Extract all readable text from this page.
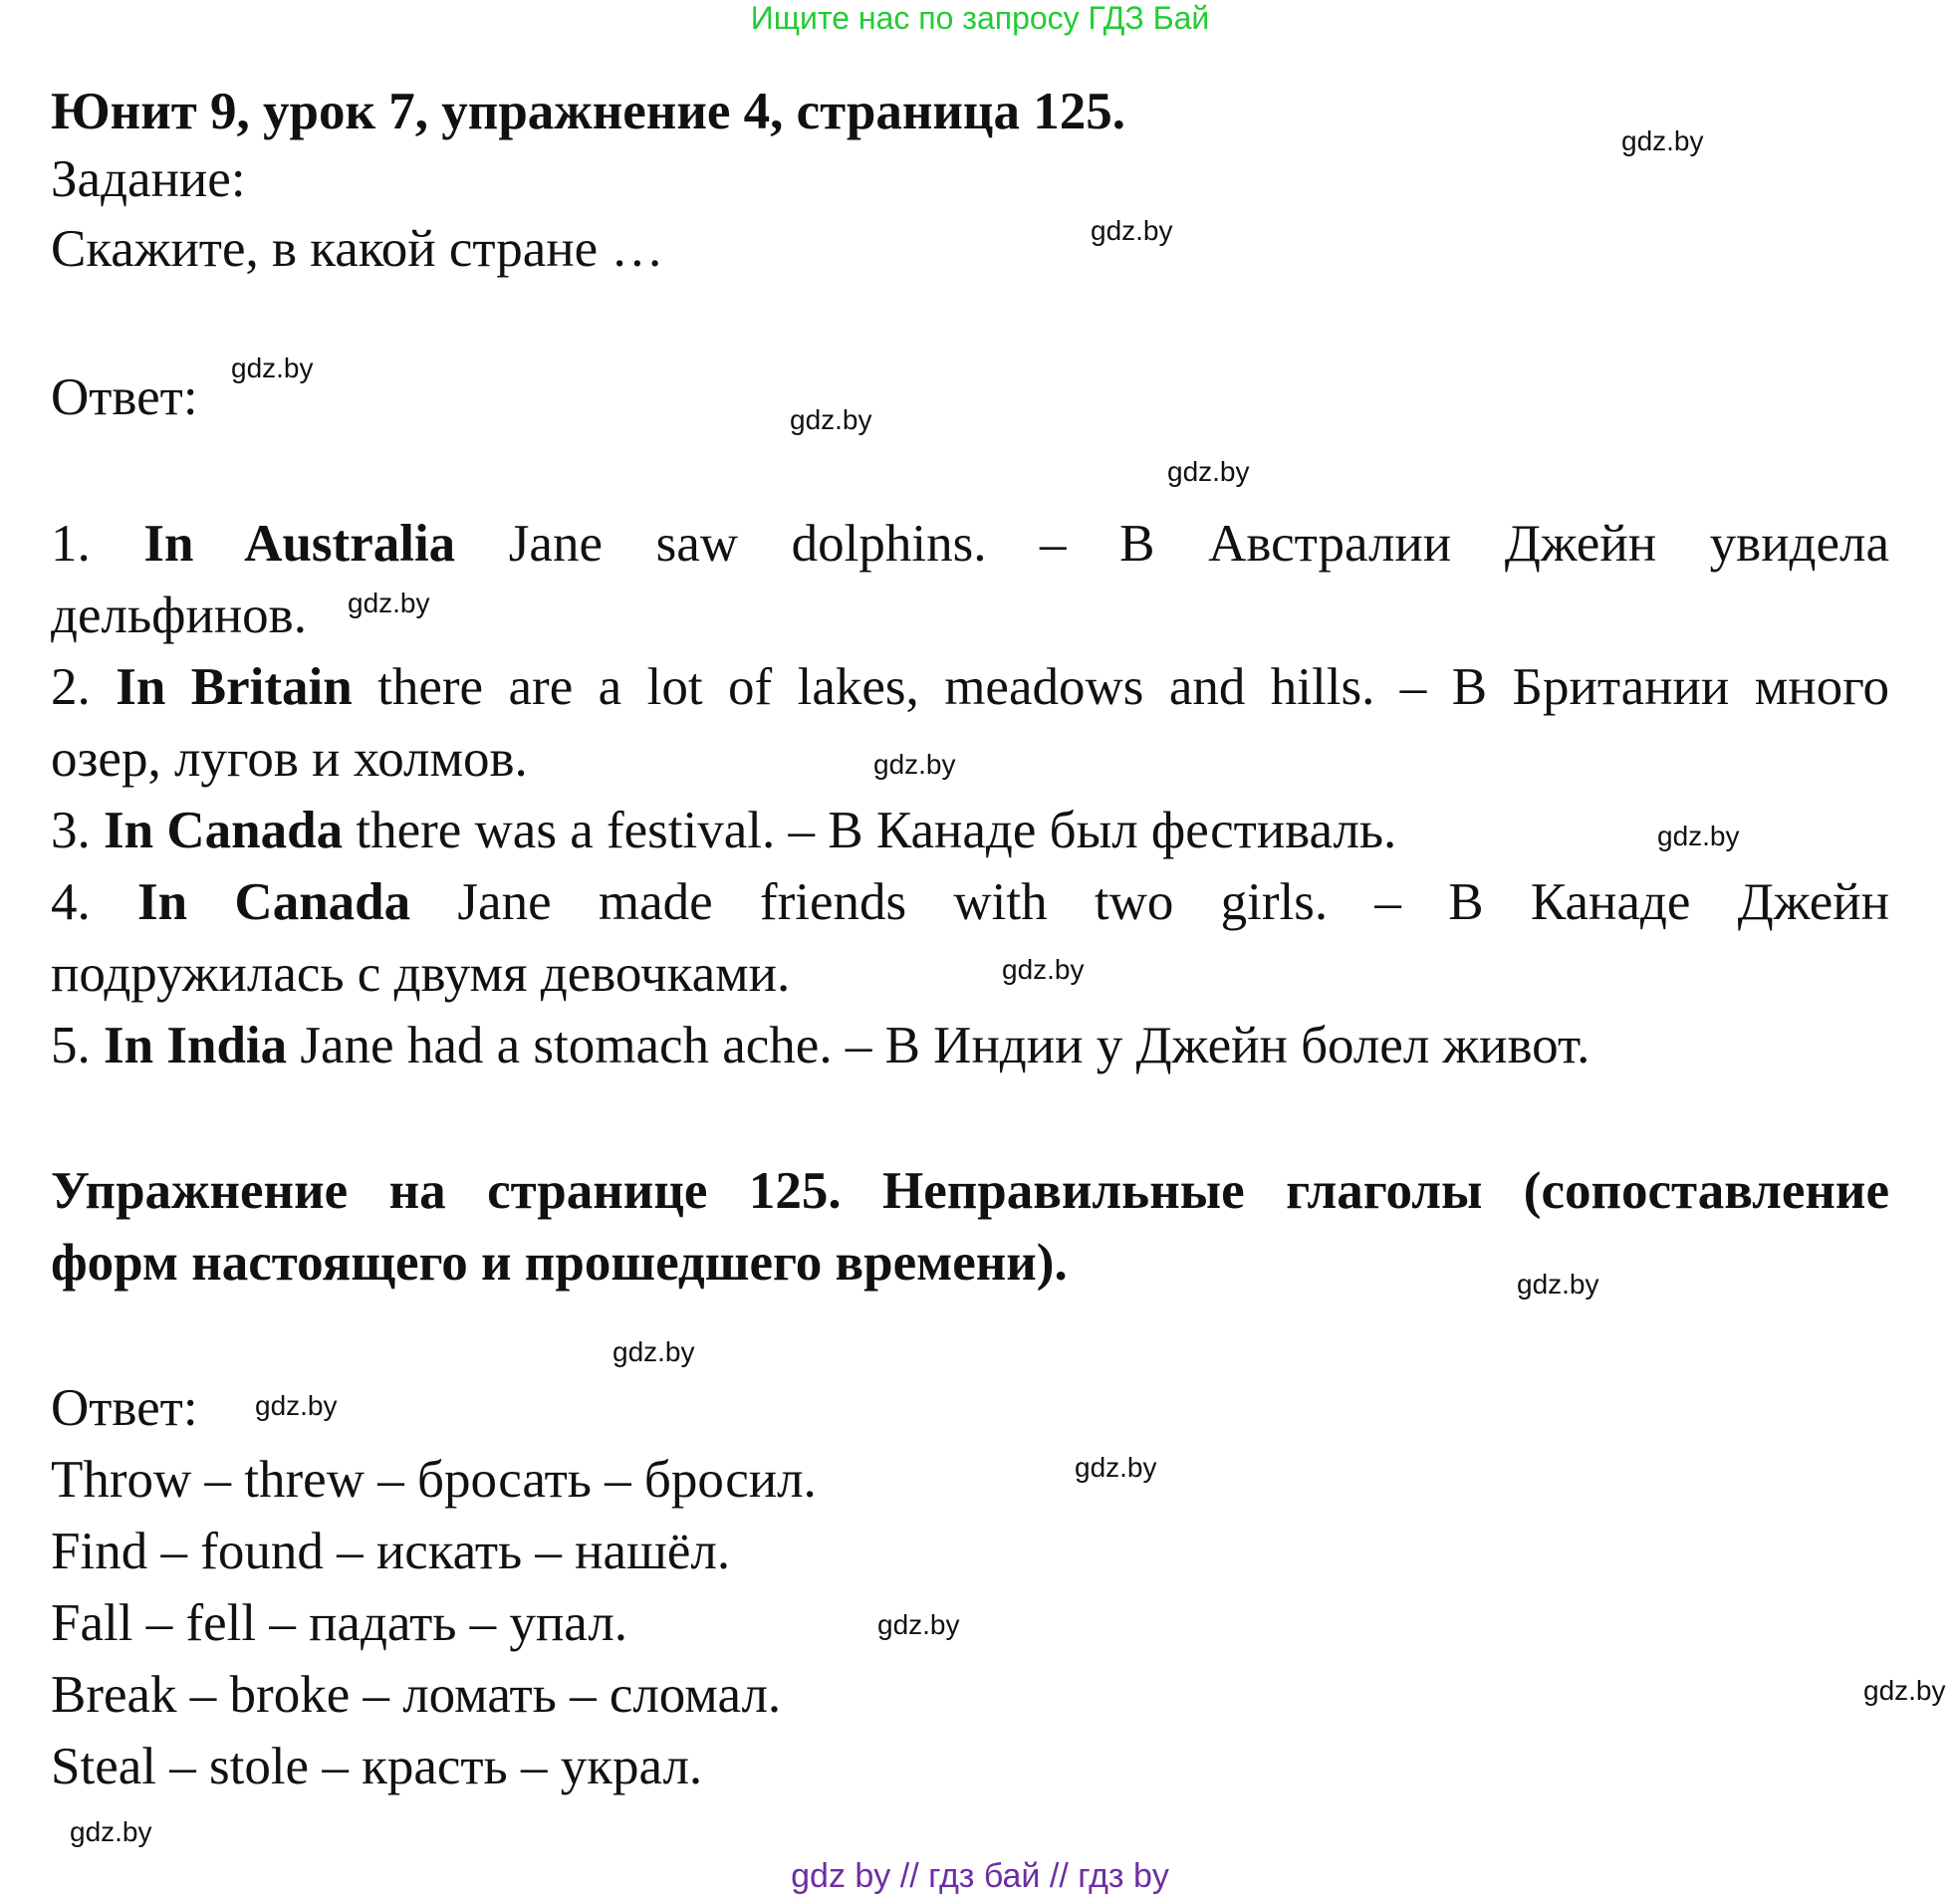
Ищите нас по запросу ГДЗ Бай
Юнит 9, урок 7, упражнение 4, страница 125.
Задание:
Скажите, в какой стране …
Ответ:
1. In Australia Jane saw dolphins. – В Австралии Джейн увидела
дельфинов.
2. In Britain there are a lot of lakes, meadows and hills. – В Британии много
озер, лугов и холмов.
3. In Canada there was a festival. – В Канаде был фестиваль.
4. In Canada Jane made friends with two girls. – В Канаде Джейн
подружилась с двумя девочками.
5. In India Jane had a stomach ache. – В Индии у Джейн болел живот.
Упражнение на странице 125. Неправильные глаголы (сопоставление
форм настоящего и прошедшего времени).
Ответ:
Throw – threw – бросать – бросил.
Find – found – искать – нашёл.
Fall – fell – падать – упал.
Break – broke – ломать – сломал.
Steal – stole – красть – украл.
gdz.by
gdz.by
gdz.by
gdz.by
gdz.by
gdz.by
gdz.by
gdz.by
gdz.by
gdz.by
gdz.by
gdz.by
gdz.by
gdz.by
gdz.by
gdz.by
gdz by // гдз бай // гдз by
